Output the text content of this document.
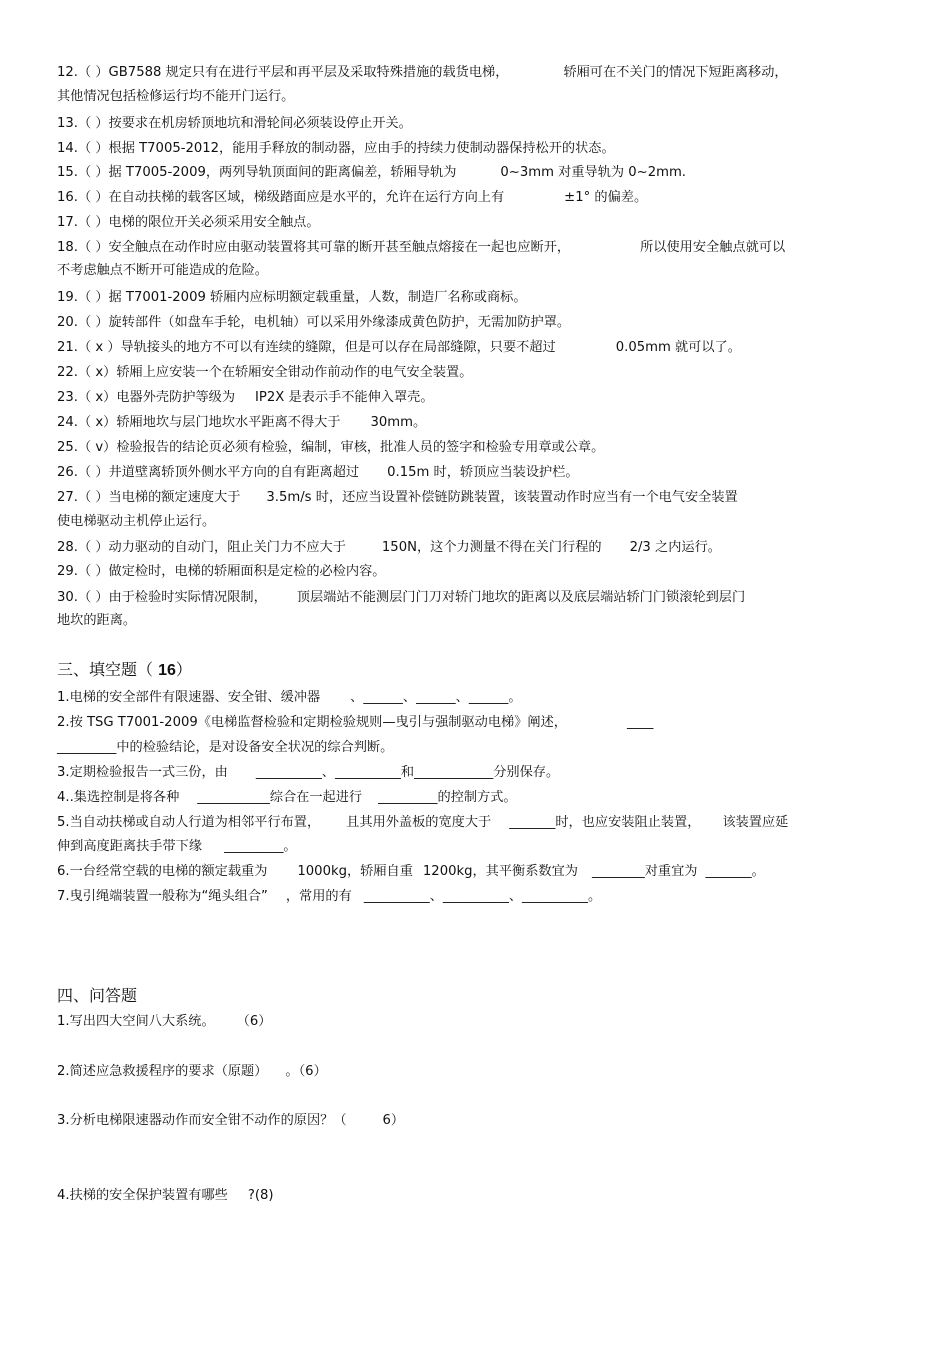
12.（ ）GB7588 规定只有在进行平层和再平层及采取特殊措施的载货电梯，	轿厢可在不关门的情况下短距离移动，
其他情况包括检修运行均不能开门运行。
13.（ ）按要求在机房轿顶地坑和滑轮间必须装设停止开关。
14.（ ）根据 T7005-2012，能用手释放的制动器，应由手的持续力使制动器保持松开的状态。
15.（ ）据 T7005-2009，两列导轨顶面间的距离偏差，轿厢导轨为	0~3mm 对重导轨为 0~2mm.
16.（ ）在自动扶梯的载客区域，梯级踏面应是水平的，允许在运行方向上有	±1° 的偏差。
17.（ ）电梯的限位开关必须采用安全触点。
18.（ ）安全触点在动作时应由驱动装置将其可靠的断开甚至触点熔接在一起也应断开，	所以使用安全触点就可以
不考虑触点不断开可能造成的危险。
19.（ ）据 T7001-2009 轿厢内应标明额定载重量，人数，制造厂名称或商标。
20.（ ）旋转部件（如盘车手轮，电机轴）可以采用外缘漆成黄色防护，无需加防护罩。
21.（ x ）导轨接头的地方不可以有连续的缝隙，但是可以存在局部缝隙，只要不超过	0.05mm 就可以了。
22.（ x）轿厢上应安装一个在轿厢安全钳动作前动作的电气安全装置。
23.（ x）电器外壳防护等级为 IP2X 是表示手不能伸入罩壳。
24.（ x）轿厢地坎与层门地坎水平距离不得大于 30mm。
25.（ v）检验报告的结论页必须有检验，编制，审核，批准人员的签字和检验专用章或公章。
26.（ ）井道壁离轿顶外侧水平方向的自有距离超过 0.15m 时，轿顶应当装设护栏。
27.（ ）当电梯的额定速度大于 3.5m/s 时，还应当设置补偿链防跳装置，该装置动作时应当有一个电气安全装置
使电梯驱动主机停止运行。
28.（ ）动力驱动的自动门，阻止关门力不应大于	150N，这个力测量不得在关门行程的 2/3 之内运行。
29.（ ）做定检时，电梯的轿厢面积是定检的必检内容。
30.（ ）由于检验时实际情况限制， 顶层端站不能测层门门刀对轿门地坎的距离以及底层端站轿门门锁滚轮到层门
地坎的距离。
三、填空题（ 16）
1.电梯的安全部件有限速器、安全钳、缓冲器 、______、______、______。
2.按 TSG T7001-2009《电梯监督检验和定期检验规则—曳引与强制驱动电梯》阐述，	____
_________中的检验结论，是对设备安全状况的综合判断。
3.定期检验报告一式三份，由 __________、__________和____________分别保存。
4..集选控制是将各种 ___________综合在一起进行 _________的控制方式。
5.当自动扶梯或自动人行道为相邻平行布置， 且其用外盖板的宽度大于 _______时，也应安装阻止装置， 该装置应延
伸到高度距离扶手带下缘 _________。
6.一台经常空载的电梯的额定载重为 1000kg，轿厢自重 1200kg，其平衡系数宜为 ________对重宜为 _______。
7.曳引绳端装置一般称为“绳头组合” ，常用的有 __________、__________、__________。
四、问答题
1.写出四大空间八大系统。 （6）
2.简述应急救援程序的要求（原题） 。（6）
3.分析电梯限速器动作而安全钳不动作的原因？（	6）
4.扶梯的安全保护装置有哪些 ?(8)
